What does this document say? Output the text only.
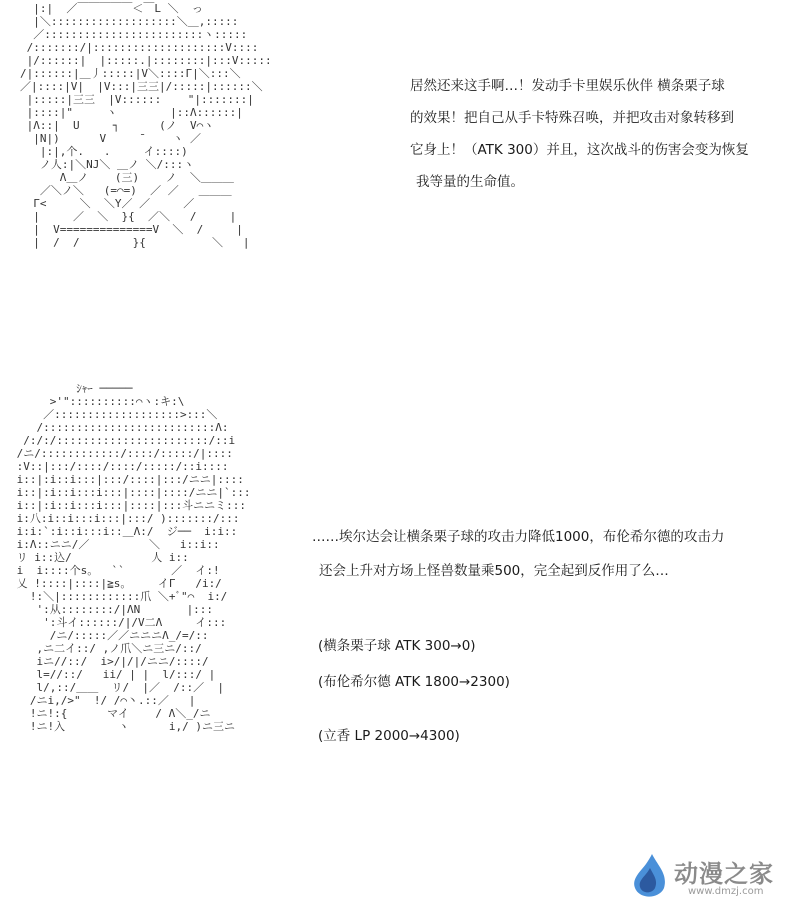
|:|  ／￣￣￣￣￣＜￣L ＼  っ
|＼:::::::::::::::::::＼＿,:::::
／::::::::::::::::::::::::ヽ:::::
/:::::::/|::::::::::::::::::::V::::
|/::::::|  |:::::.|::::::::|:::V:::::
/|::::::|＿丿:::::|V＼::::Γ|＼:::＼
／|::::|V|  |V:::|三三|/:::::|::::::＼
|:::::|三三  |V::::::    "|:::::::|
|::::|"     ヽ        |::Λ::::::|
|Λ::|  U     ┐      (ノ  V⌒ヽ
|N|)      V     ̄     ヽ ／
|:|,个.   .     イ::::)
ノ人:|＼NJ＼ ＿ノ ＼/:::ヽ
Λ＿ノ    (三)    ノ  ＼＿＿＿
／＼ノ＼   (=⌒=)  ／ ／   ＿＿＿
Γ<     ＼  ＼Y／ ／     ／
|     ／  ＼  }{  ／＼   /     |
|  V==============V  ＼  /     |
|  /  /        }{          ＼   |

居然还来这手啊…！发动手卡里娱乐伙伴 横条栗子球

的效果！把自己从手卡特殊召唤，并把攻击对象转移到

它身上！（ATK 300）并且，这次战斗的伤害会变为恢复

我等量的生命值。

ｼｬｰ ─────
>'"::::::::::⌒ヽ:キ:\
／:::::::::::::::::::>:::＼
/::::::::::::::::::::::::::Λ:
/:/:/:::::::::::::::::::::::/::i
/ニ/::::::::::::/::::/:::::/|::::
:V::|:::/::::/::::/:::::/::i::::
i::|:i::i:::|:::/::::|:::/ニニ|::::
i::|:i::i:::i:::|::::|::::/ニニ|`:::
i::|:i::i:::i:::|::::|:::斗ニニミ:::
i:八:i::i:::i:::|:::/ ):::::::/:::
i:i:`:i::i:::i::＿Λ:/  ジ──  i:i::
i:Λ::ニニ/／         ＼   i::i::
リ i::込/            人 i::
i  i::::个s。  ``       ／  イ:!
乂 !::::|::::|≧s。    イΓ   /i:/
!:＼|::::::::::::爪 ＼+ﾞ"⌒  i:/
':从::::::::/|ΛN       |:::
':斗イ::::::/|/V二Λ     イ:::
/ニ/:::::／／ニニニΛ_/=/::
,ニ二イ::/ ,ノ爪＼ニ三ニ/::/
iニ//::/  i>/|/|/ニニ/::::/
l=//::/   ii/ | |  l/:::/ |
l/,::/＿＿  リ/  |／  /::／  |
/ニi,/>"  !/ /⌒丶.::／   |
!ニ!:{      マイ    / Λ＼_/ニ
!ニ!入        ヽ      i,/ )ニ三ニ

……埃尔达会让横条栗子球的攻击力降低1000，布伦希尔德的攻击力

还会上升对方场上怪兽数量乘500，完全起到反作用了么…

(横条栗子球 ATK 300→0)
(布伦希尔德 ATK 1800→2300)
(立香 LP 2000→4300)
动漫之家
www.dmzj.com
